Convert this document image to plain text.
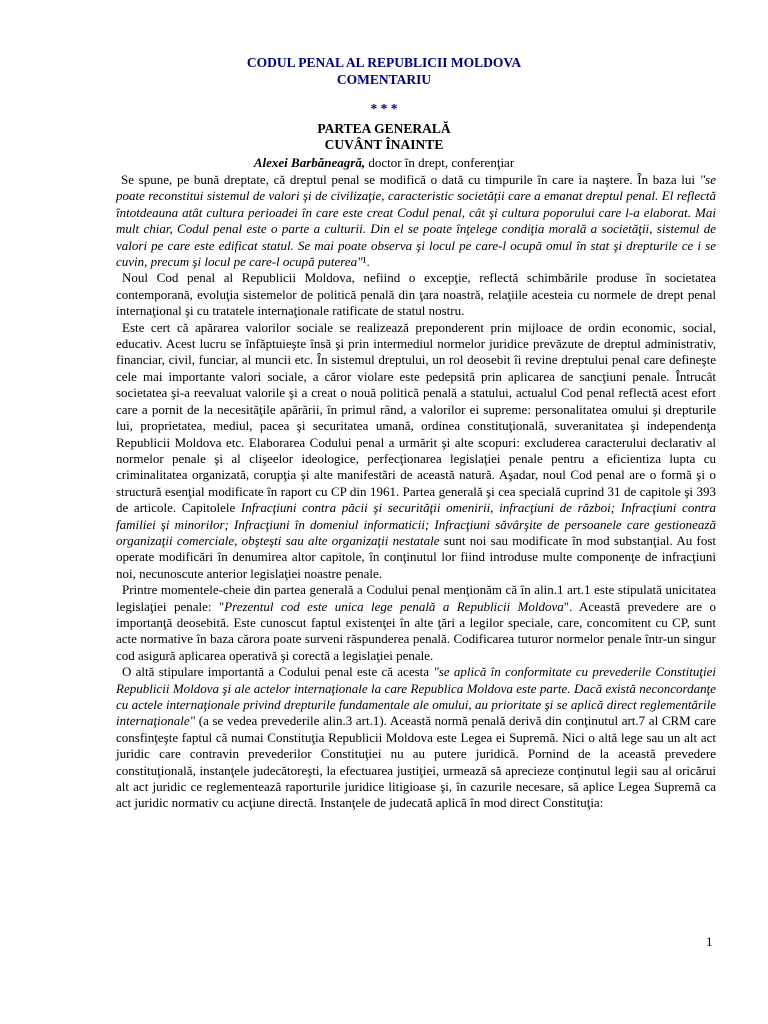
CODUL PENAL AL REPUBLICII MOLDOVA
COMENTARIU
* * *
PARTEA GENERALĂ
CUVÂNT ÎNAINTE
Alexei Barbăneagră, doctor în drept, conferenţiar

Se spune, pe bună dreptate, că dreptul penal se modifică o dată cu timpurile în care ia naştere. În baza lui "se poate reconstitui sistemul de valori şi de civilizaţie, caracteristic societăţii care a emanat dreptul penal. El reflectă întotdeauna atât cultura perioadei în care este creat Codul penal, cât şi cultura poporului care l-a elaborat. Mai mult chiar, Codul penal este o parte a culturii. Din el se poate înţelege condiţia morală a societăţii, sistemul de valori pe care este edificat statul. Se mai poate observa şi locul pe care-l ocupă omul în stat şi drepturile ce i se cuvin, precum şi locul pe care-l ocupă puterea"¹.

Noul Cod penal al Republicii Moldova, nefiind o excepţie, reflectă schimbările produse în societatea contemporană, evoluţia sistemelor de politică penală din ţara noastră, relaţiile acesteia cu normele de drept penal internaţional şi cu tratatele internaţionale ratificate de statul nostru.

Este cert că apărarea valorilor sociale se realizează preponderent prin mijloace de ordin economic, social, educativ. Acest lucru se înfăptuieşte însă şi prin intermediul normelor juridice prevăzute de dreptul administrativ, financiar, civil, funciar, al muncii etc. În sistemul dreptului, un rol deosebit îi revine dreptului penal care defineşte cele mai importante valori sociale, a căror violare este pedepsită prin aplicarea de sancţiuni penale. Întrucât societatea şi-a reevaluat valorile şi a creat o nouă politică penală a statului, actualul Cod penal reflectă acest efort care a pornit de la necesităţile apărării, în primul rând, a valorilor ei supreme: personalitatea omului şi drepturile lui, proprietatea, mediul, pacea şi securitatea umană, ordinea constituţională, suveranitatea şi independenţa Republicii Moldova etc. Elaborarea Codului penal a urmărit şi alte scopuri: excluderea caracterului declarativ al normelor penale şi al clişeelor ideologice, perfecţionarea legislaţiei penale pentru a eficientiza lupta cu criminalitatea organizată, corupţia şi alte manifestări de această natură. Aşadar, noul Cod penal are o formă şi o structură esenţial modificate în raport cu CP din 1961. Partea generală şi cea specială cuprind 31 de capitole şi 393 de articole. Capitolele Infracţiuni contra păcii şi securităţii omenirii, infracţiuni de război; Infracţiuni contra familiei şi minorilor; Infracţiuni în domeniul informaticii; Infracţiuni săvârşite de persoanele care gestionează organizaţii comerciale, obşteşti sau alte organizaţii nestatale sunt noi sau modificate în mod substanţial. Au fost operate modificări în denumirea altor capitole, în conţinutul lor fiind introduse multe componenţe de infracţiuni noi, necunoscute anterior legislaţiei noastre penale.

Printre momentele-cheie din partea generală a Codului penal menţionăm că în alin.1 art.1 este stipulată unicitatea legislaţiei penale: "Prezentul cod este unica lege penală a Republicii Moldova". Această prevedere are o importanţă deosebită. Este cunoscut faptul existenţei în alte ţări a legilor speciale, care, concomitent cu CP, sunt acte normative în baza cărora poate surveni răspunderea penală. Codificarea tuturor normelor penale într-un singur cod asigură aplicarea operativă şi corectă a legislaţiei penale.

O altă stipulare importantă a Codului penal este că acesta "se aplică în conformitate cu prevederile Constituţiei Republicii Moldova şi ale actelor internaţionale la care Republica Moldova este parte. Dacă există neconcordanţe cu actele internaţionale privind drepturile fundamentale ale omului, au prioritate şi se aplică direct reglementările internaţionale" (a se vedea prevederile alin.3 art.1). Această normă penală derivă din conţinutul art.7 al CRM care consfinţeşte faptul că numai Constituţia Republicii Moldova este Legea ei Supremă. Nici o altă lege sau un alt act juridic care contravin prevederilor Constituţiei nu au putere juridică. Pornind de la această prevedere constituţională, instanţele judecătoreşti, la efectuarea justiţiei, urmează să aprecieze conţinutul legii sau al oricărui alt act juridic ce reglementează raporturile juridice litigioase şi, în cazurile necesare, să aplice Legea Supremă ca act juridic normativ cu acţiune directă. Instanţele de judecată aplică în mod direct Constituţia:

1
